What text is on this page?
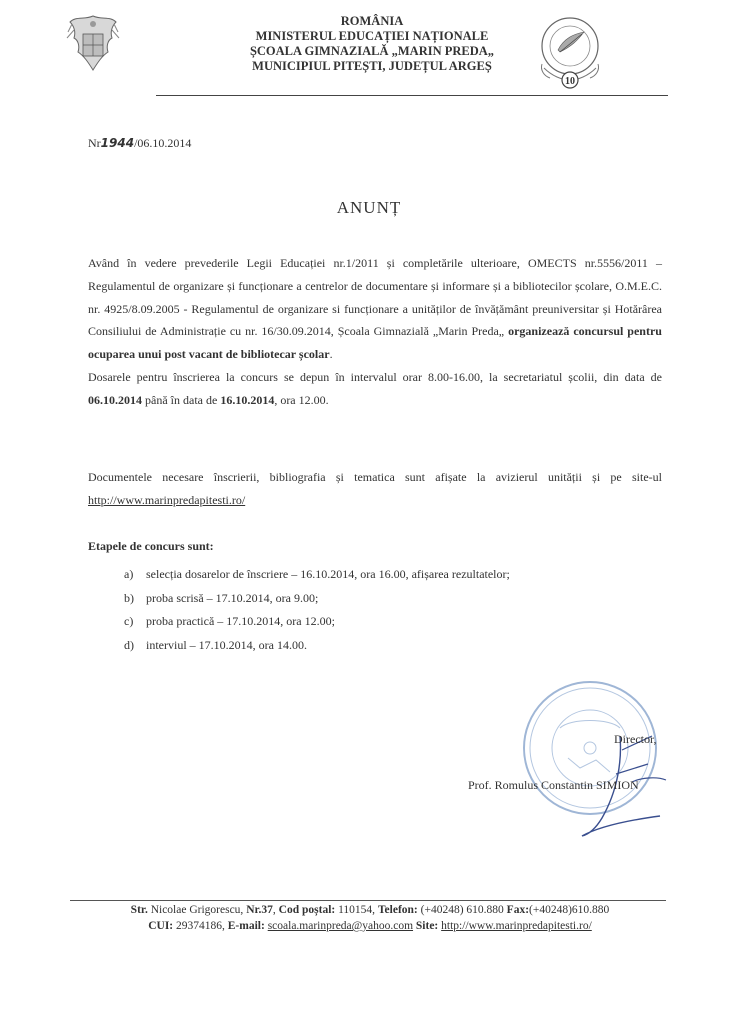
ROMÂNIA
MINISTERUL EDUCAȚIEI NAȚIONALE
ȘCOALA GIMNAZIALĂ „MARIN PREDA„
MUNICIPIUL PITEȘTI, JUDEȚUL ARGEȘ
10
Nr1944/06.10.2014
ANUNȚ

Având în vedere prevederile Legii Educației nr.1/2011 și completările ulterioare, OMECTS nr.5556/2011 – Regulamentul de organizare și funcționare a centrelor de documentare și informare și a bibliotecilor școlare, O.M.E.C. nr. 4925/8.09.2005 - Regulamentul de organizare si funcționare a unităților de învățământ preuniversitar și Hotărârea Consiliului de Administrație cu nr. 16/30.09.2014, Școala Gimnazială „Marin Preda„ organizează concursul pentru ocuparea unui post vacant de bibliotecar școlar.

Dosarele pentru înscrierea la concurs se depun în intervalul orar 8.00-16.00, la secretariatul școlii, din data de 06.10.2014 până în data de 16.10.2014, ora 12.00.

Documentele necesare înscrierii, bibliografia și tematica sunt afișate la avizierul unității și pe site-ul http://www.marinpredapitesti.ro/
Etapele de concurs sunt:
a) selecția dosarelor de înscriere – 16.10.2014, ora 16.00, afișarea rezultatelor;
b) proba scrisă – 17.10.2014, ora 9.00;
c) proba practică – 17.10.2014, ora 12.00;
d) interviul – 17.10.2014, ora 14.00.
Director,
Prof. Romulus Constantin SIMION
Str. Nicolae Grigorescu, Nr.37, Cod poștal: 110154, Telefon: (+40248) 610.880 Fax:(+40248)610.880
CUI: 29374186, E-mail: scoala.marinpreda@yahoo.com Site: http://www.marinpredapitesti.ro/
